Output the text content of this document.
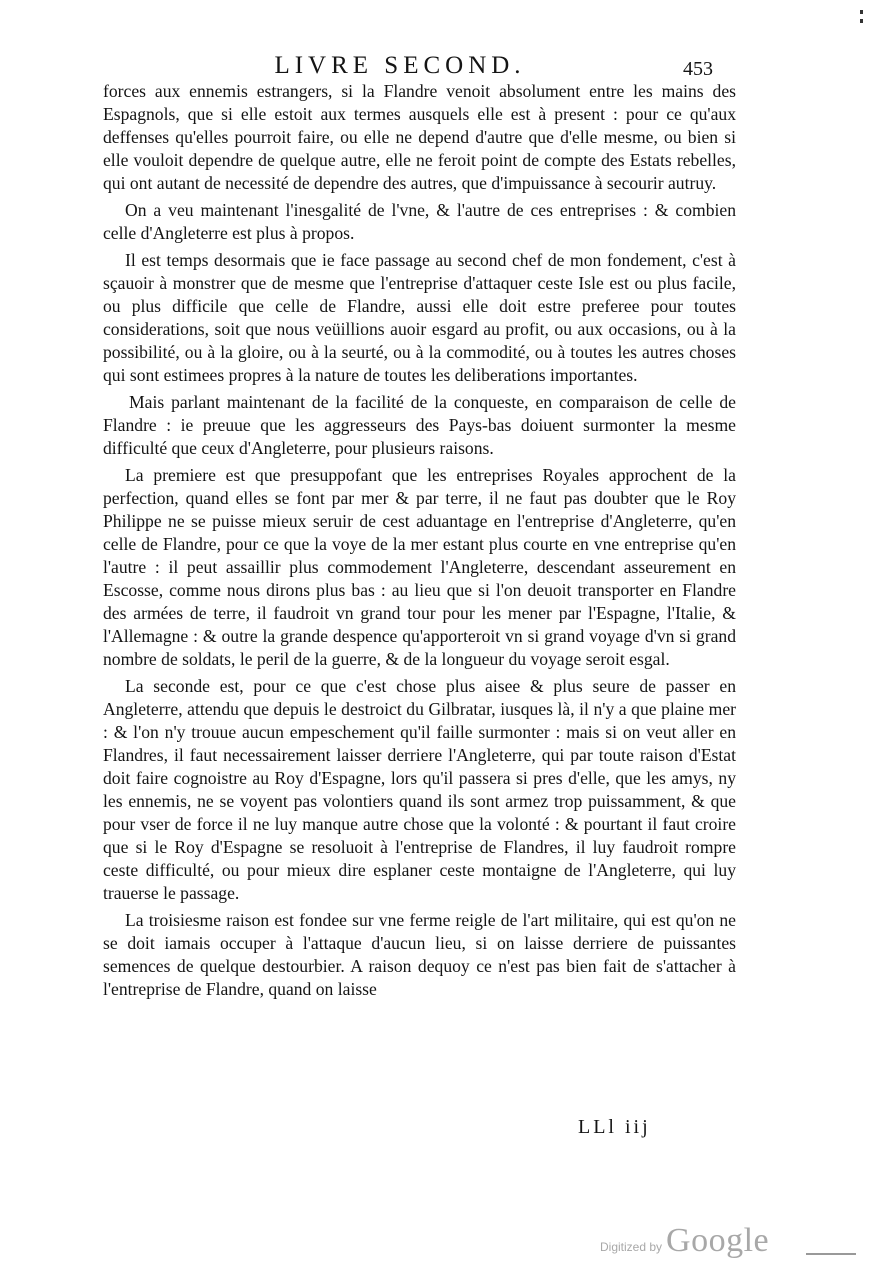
LIVRE SECOND.	453

forces aux ennemis estrangers, si la Flandre venoit absolument entre les mains des Espagnols, que si elle estoit aux termes ausquels elle est à present : pour ce qu'aux deffenses qu'elles pourroit faire, ou elle ne depend d'autre que d'elle mesme, ou bien si elle vouloit dependre de quelque autre, elle ne feroit point de compte des Estats rebelles, qui ont autant de necessité de dependre des autres, que d'impuissance à secourir autruy.

On a veu maintenant l'inesgalité de l'vne, & l'autre de ces entreprises : & combien celle d'Angleterre est plus à propos.

Il est temps desormais que ie face passage au second chef de mon fondement, c'est à sçauoir à monstrer que de mesme que l'entreprise d'attaquer ceste Isle est ou plus facile, ou plus difficile que celle de Flandre, aussi elle doit estre preferee pour toutes considerations, soit que nous veüillions auoir esgard au profit, ou aux occasions, ou à la possibilité, ou à la gloire, ou à la seurté, ou à la commodité, ou à toutes les autres choses qui sont estimees propres à la nature de toutes les deliberations importantes.

Mais parlant maintenant de la facilité de la conqueste, en comparaison de celle de Flandre : ie preuue que les aggresseurs des Pays-bas doiuent surmonter la mesme difficulté que ceux d'Angleterre, pour plusieurs raisons.

La premiere est que presuppofant que les entreprises Royales approchent de la perfection, quand elles se font par mer & par terre, il ne faut pas doubter que le Roy Philippe ne se puisse mieux seruir de cest aduantage en l'entreprise d'Angleterre, qu'en celle de Flandre, pour ce que la voye de la mer estant plus courte en vne entreprise qu'en l'autre : il peut assaillir plus commodement l'Angleterre, descendant asseurement en Escosse, comme nous dirons plus bas : au lieu que si l'on deuoit transporter en Flandre des armées de terre, il faudroit vn grand tour pour les mener par l'Espagne, l'Italie, & l'Allemagne : & outre la grande despence qu'apporteroit vn si grand voyage d'vn si grand nombre de soldats, le peril de la guerre, & de la longueur du voyage seroit esgal.

La seconde est, pour ce que c'est chose plus aisee & plus seure de passer en Angleterre, attendu que depuis le destroict du Gilbratar, iusques là, il n'y a que plaine mer : & l'on n'y trouue aucun empeschement qu'il faille surmonter : mais si on veut aller en Flandres, il faut necessairement laisser derriere l'Angleterre, qui par toute raison d'Estat doit faire cognoistre au Roy d'Espagne, lors qu'il passera si pres d'elle, que les amys, ny les ennemis, ne se voyent pas volontiers quand ils sont armez trop puissamment, & que pour vser de force il ne luy manque autre chose que la volonté : & pourtant il faut croire que si le Roy d'Espagne se resoluoit à l'entreprise de Flandres, il luy faudroit rompre ceste difficulté, ou pour mieux dire esplaner ceste montaigne de l'Angleterre, qui luy trauerse le passage.

La troisiesme raison est fondee sur vne ferme reigle de l'art militaire, qui est qu'on ne se doit iamais occuper à l'attaque d'aucun lieu, si on laisse derriere de puissantes semences de quelque destourbier. A raison dequoy ce n'est pas bien fait de s'attacher à l'entreprise de Flandre, quand on laisse

LLl iij
Digitized by Google
